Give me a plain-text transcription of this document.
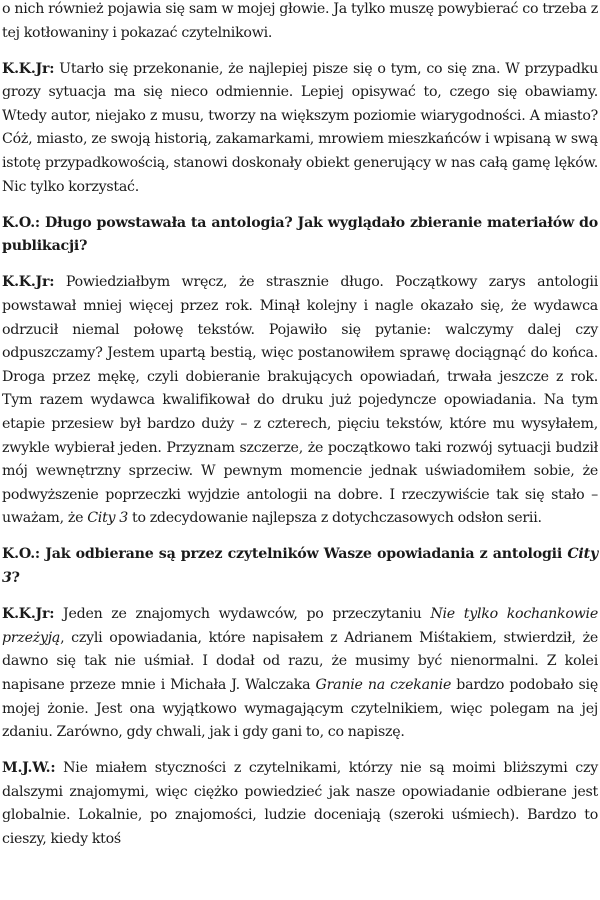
o nich również pojawia się sam w mojej głowie. Ja tylko muszę powybierać co trzeba z tej kotłowaniny i pokazać czytelnikowi.

K.K.Jr: Utarło się przekonanie, że najlepiej pisze się o tym, co się zna. W przypadku grozy sytuacja ma się nieco odmiennie. Lepiej opisywać to, czego się obawiamy. Wtedy autor, niejako z musu, tworzy na większym poziomie wiarygodności. A miasto? Cóż, miasto, ze swoją historią, zakamarkami, mrowiem mieszkańców i wpisaną w swą istotę przypadkowością, stanowi doskonały obiekt generujący w nas całą gamę lęków. Nic tylko korzystać.

K.O.: Długo powstawała ta antologia? Jak wyglądało zbieranie materiałów do publikacji?

K.K.Jr: Powiedziałbym wręcz, że strasznie długo. Początkowy zarys antologii powstawał mniej więcej przez rok. Minął kolejny i nagle okazało się, że wydawca odrzucił niemal połowę tekstów. Pojawiło się pytanie: walczymy dalej czy odpuszczamy? Jestem upartą bestią, więc postanowiłem sprawę dociągnąć do końca. Droga przez mękę, czyli dobieranie brakujących opowiadań, trwała jeszcze z rok. Tym razem wydawca kwalifikował do druku już pojedyncze opowiadania. Na tym etapie przesiew był bardzo duży – z czterech, pięciu tekstów, które mu wysyłałem, zwykle wybierał jeden. Przyznam szczerze, że początkowo taki rozwój sytuacji budził mój wewnętrzny sprzeciw. W pewnym momencie jednak uświadomiłem sobie, że podwyższenie poprzeczki wyjdzie antologii na dobre. I rzeczywiście tak się stało – uważam, że City 3 to zdecydowanie najlepsza z dotychczasowych odsłon serii.

K.O.: Jak odbierane są przez czytelników Wasze opowiadania z antologii City 3?

K.K.Jr: Jeden ze znajomych wydawców, po przeczytaniu Nie tylko kochankowie przeżyją, czyli opowiadania, które napisałem z Adrianem Miśtakiem, stwierdził, że dawno się tak nie uśmiał. I dodał od razu, że musimy być nienormalni. Z kolei napisane przeze mnie i Michała J. Walczaka Granie na czekanie bardzo podobało się mojej żonie. Jest ona wyjątkowo wymagającym czytelnikiem, więc polegam na jej zdaniu. Zarówno, gdy chwali, jak i gdy gani to, co napiszę.

M.J.W.: Nie miałem styczności z czytelnikami, którzy nie są moimi bliższymi czy dalszymi znajomymi, więc ciężko powiedzieć jak nasze opowiadanie odbierane jest globalnie. Lokalnie, po znajomości, ludzie doceniają (szeroki uśmiech). Bardzo to cieszy, kiedy ktoś
